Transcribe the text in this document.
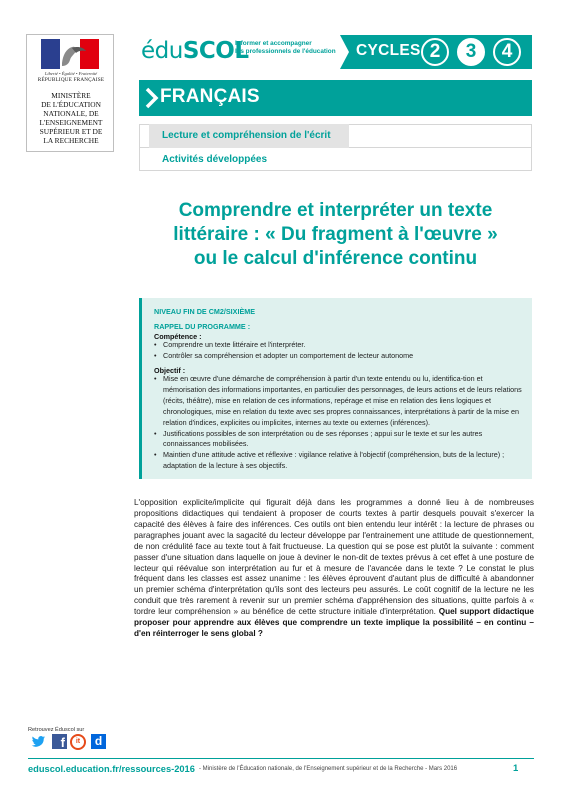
Liberté • Égalité • Fraternité
RÉPUBLIQUE FRANÇAISE
MINISTÈRE
DE L'ÉDUCATION
NATIONALE, DE
L'ENSEIGNEMENT
SUPÉRIEUR ET DE
LA RECHERCHE
éduSCOL
Informer et accompagner
les professionnels de l'éducation	CYCLES 2	3	4
FRANÇAIS
Lecture et compréhension de l'écrit
Activités développées
Comprendre et interpréter un texte
littéraire : « Du fragment à l'œuvre »
ou le calcul d'inférence continu
NIVEAU FIN DE CM2/SIXIÈME
RAPPEL DU PROGRAMME :
Compétence :
• Comprendre un texte littéraire et l'interpréter.
• Contrôler sa compréhension et adopter un comportement de lecteur autonome
Objectif :
• Mise en œuvre d'une démarche de compréhension à partir d'un texte entendu ou lu, identifica-tion et mémorisation des informations importantes, en particulier des personnages, de leurs actions et de leurs relations (récits, théâtre), mise en relation de ces informations, repérage et mise en relation des liens logiques et chronologiques, mise en relation du texte avec ses propres connaissances, interprétations à partir de la mise en relation d'indices, explicites ou implicites, internes au texte ou externes (inférences).
• Justifications possibles de son interprétation ou de ses réponses ; appui sur le texte et sur les autres connaissances mobilisées.
• Maintien d'une attitude active et réflexive : vigilance relative à l'objectif (compréhension, buts de la lecture) ; adaptation de la lecture à ses objectifs.
L'opposition explicite/implicite qui figurait déjà dans les programmes a donné lieu à de nombreuses propositions didactiques qui tendaient à proposer de courts textes à partir desquels pouvait s'exercer la capacité des élèves à faire des inférences. Ces outils ont bien entendu leur intérêt : la lecture de phrases ou paragraphes jouant avec la sagacité du lecteur développe par l'entrainement une attitude de questionnement, de non crédulité face au texte tout à fait fructueuse. La question qui se pose est plutôt la suivante : comment passer d'une situation dans laquelle on joue à deviner le non-dit de textes prévus à cet effet à une posture de lecteur qui réévalue son interprétation au fur et à mesure de l'avancée dans le texte ? Le constat le plus fréquent dans les classes est assez unanime : les élèves éprouvent d'autant plus de difficulté à abandonner un premier schéma d'interprétation qu'ils sont des lecteurs peu assurés. Le coût cognitif de la lecture ne les conduit que très rarement à revenir sur un premier schéma d'appréhension des situations, quitte parfois à « tordre leur compréhension » au bénéfice de cette structure initiale d'interprétation. Quel support didactique proposer pour apprendre aux élèves que comprendre un texte implique la possibilité – en continu – d'en réinterroger le sens global ?
Retrouvez Éduscol sur
f	it	d
eduscol.education.fr/ressources-2016 - Ministère de l'Éducation nationale, de l'Enseignement supérieur et de la Recherche - Mars 2016	1
